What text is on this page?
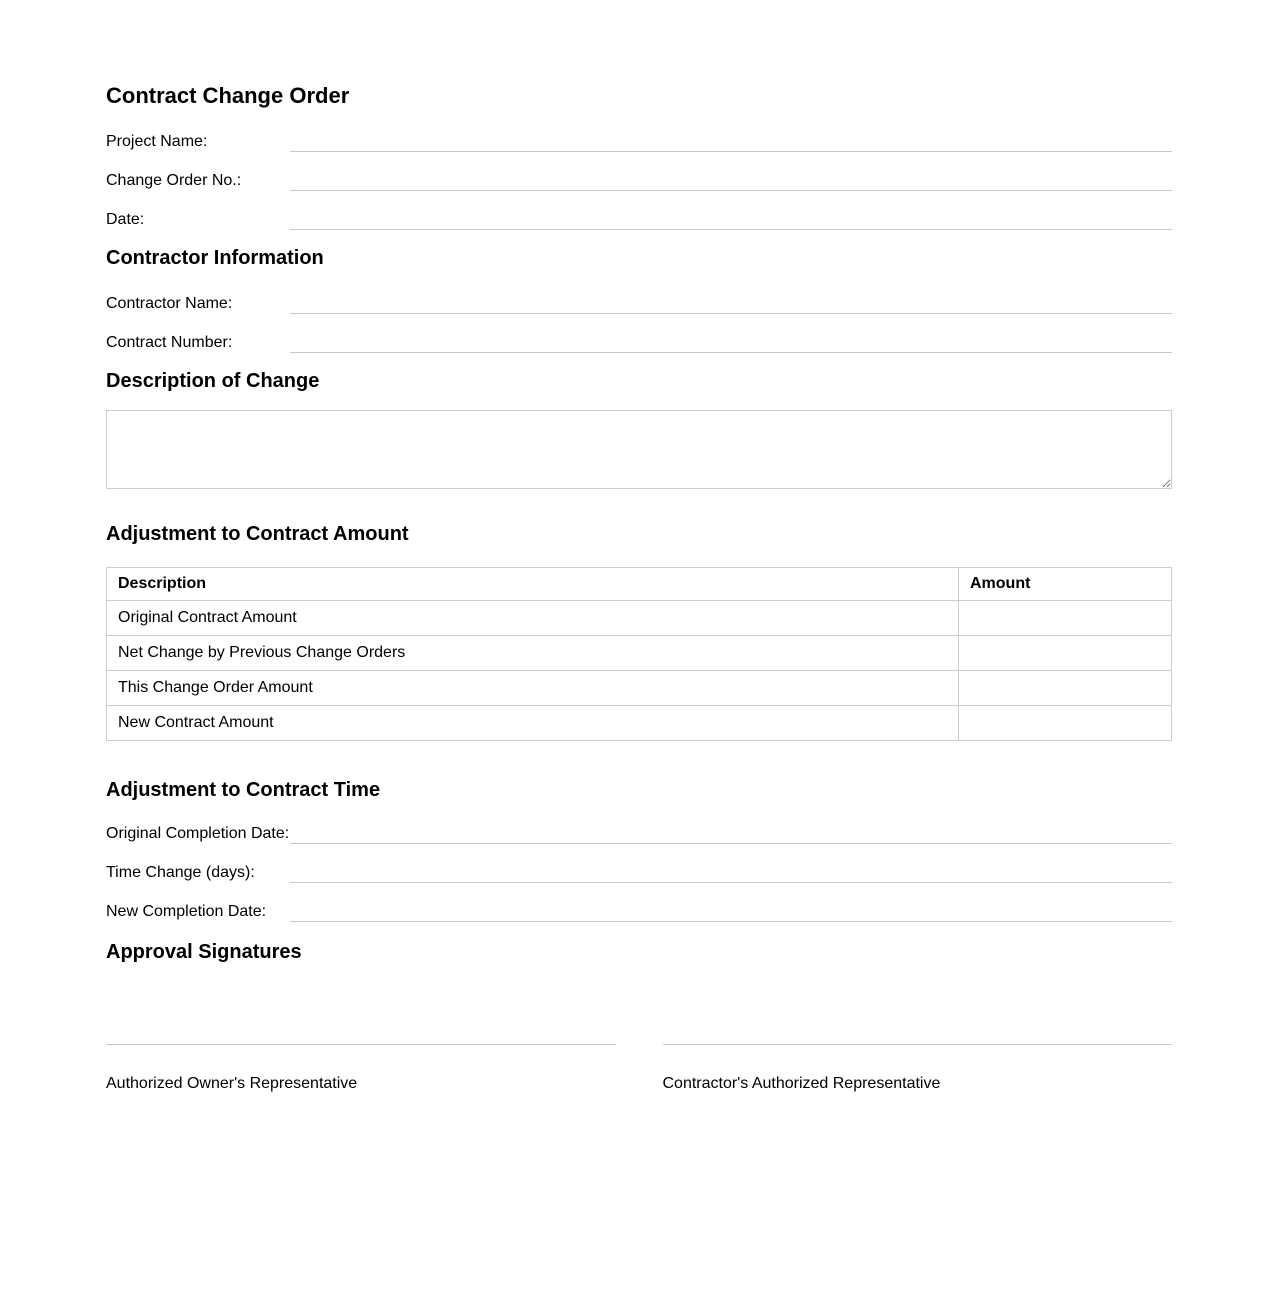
Contract Change Order
Project Name:
Change Order No.:
Date:
Contractor Information
Contractor Name:
Contract Number:
Description of Change
Adjustment to Contract Amount
Description	Amount
Original Contract Amount	
Net Change by Previous Change Orders	
This Change Order Amount	
New Contract Amount	
Adjustment to Contract Time
Original Completion Date:
Time Change (days):
New Completion Date:
Approval Signatures
Authorized Owner's Representative	Contractor's Authorized Representative
